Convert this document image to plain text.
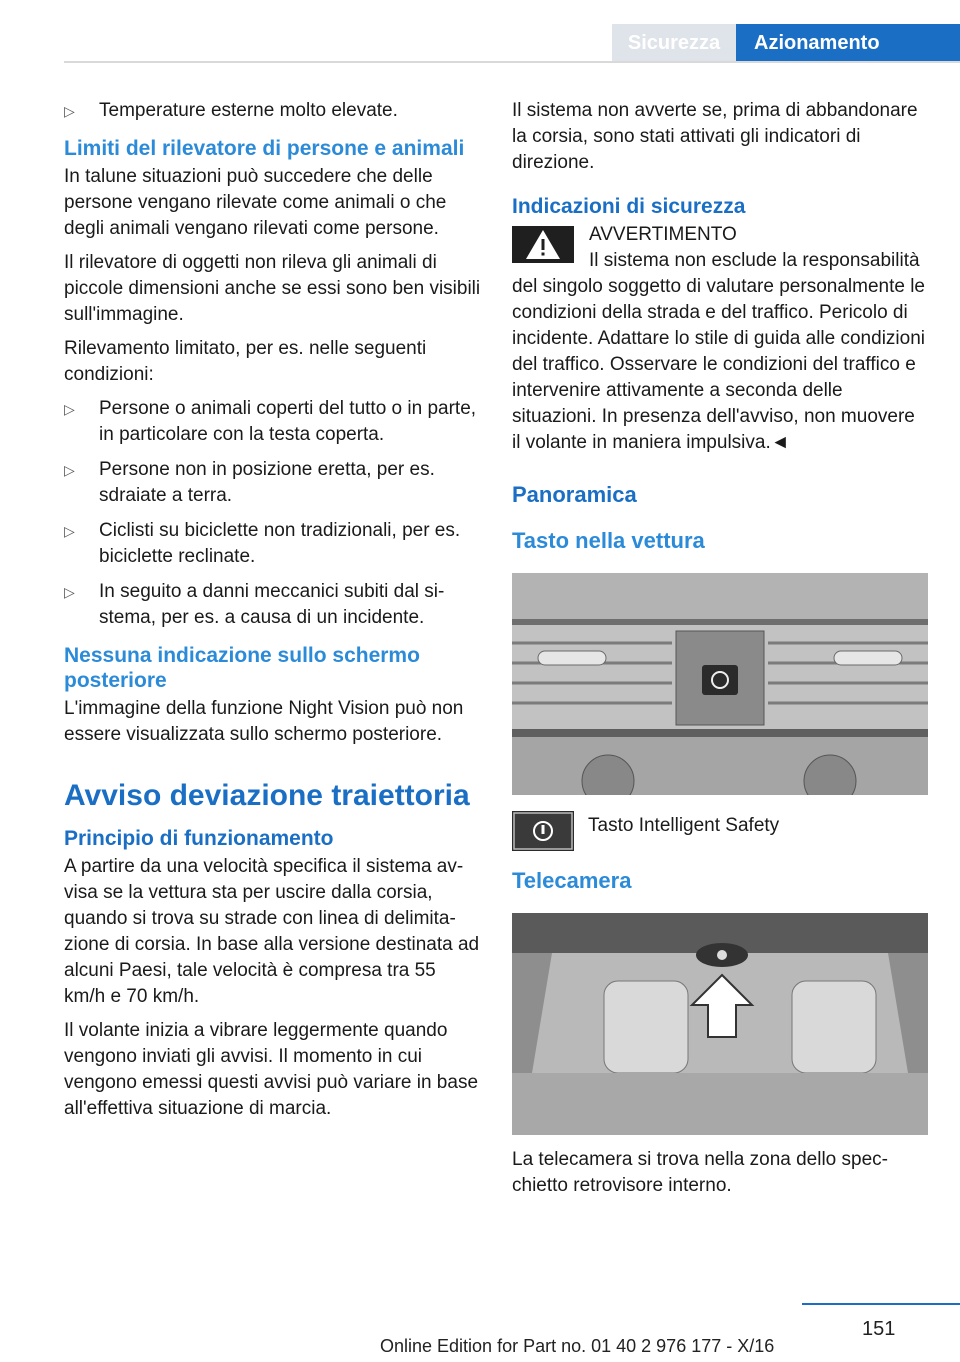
Sicurezza	Azionamento
▷ Temperature esterne molto elevate.
Limiti del rilevatore di persone e animali

In talune situazioni può succedere che delle persone vengano rilevate come animali o che degli animali vengano rilevati come persone.

Il rilevatore di oggetti non rileva gli animali di piccole dimensioni anche se essi sono ben visibili sull'immagine.

Rilevamento limitato, per es. nelle seguenti condizioni:

▷ Persone o animali coperti del tutto o in parte, in particolare con la testa coperta.
▷ Persone non in posizione eretta, per es. sdraiate a terra.
▷ Ciclisti su biciclette non tradizionali, per es. biciclette reclinate.
▷ In seguito a danni meccanici subiti dal sistema, per es. a causa di un incidente.
Nessuna indicazione sullo schermo posteriore

L'immagine della funzione Night Vision può non essere visualizzata sullo schermo posteriore.

Avviso deviazione traiettoria
Principio di funzionamento

A partire da una velocità specifica il sistema avvisa se la vettura sta per uscire dalla corsia, quando si trova su strade con linea di delimitazione di corsia. In base alla versione destinata ad alcuni Paesi, tale velocità è compresa tra 55 km/h e 70 km/h.

Il volante inizia a vibrare leggermente quando vengono inviati gli avvisi. Il momento in cui vengono emessi questi avvisi può variare in base all'effettiva situazione di marcia.

Il sistema non avverte se, prima di abbandonare la corsia, sono stati attivati gli indicatori di direzione.

Indicazioni di sicurezza
AVVERTIMENTO
Il sistema non esclude la responsabilità del singolo soggetto di valutare personalmente le condizioni della strada e del traffico. Pericolo di incidente. Adattare lo stile di guida alle condizioni del traffico. Osservare le condizioni del traffico e intervenire attivamente a seconda delle situazioni. In presenza dell'avviso, non muovere il volante in maniera impulsiva.◄
Panoramica
Tasto nella vettura
Tasto Intelligent Safety
Telecamera

La telecamera si trova nella zona dello specchietto retrovisore interno.

151
Online Edition for Part no. 01 40 2 976 177 - X/16
